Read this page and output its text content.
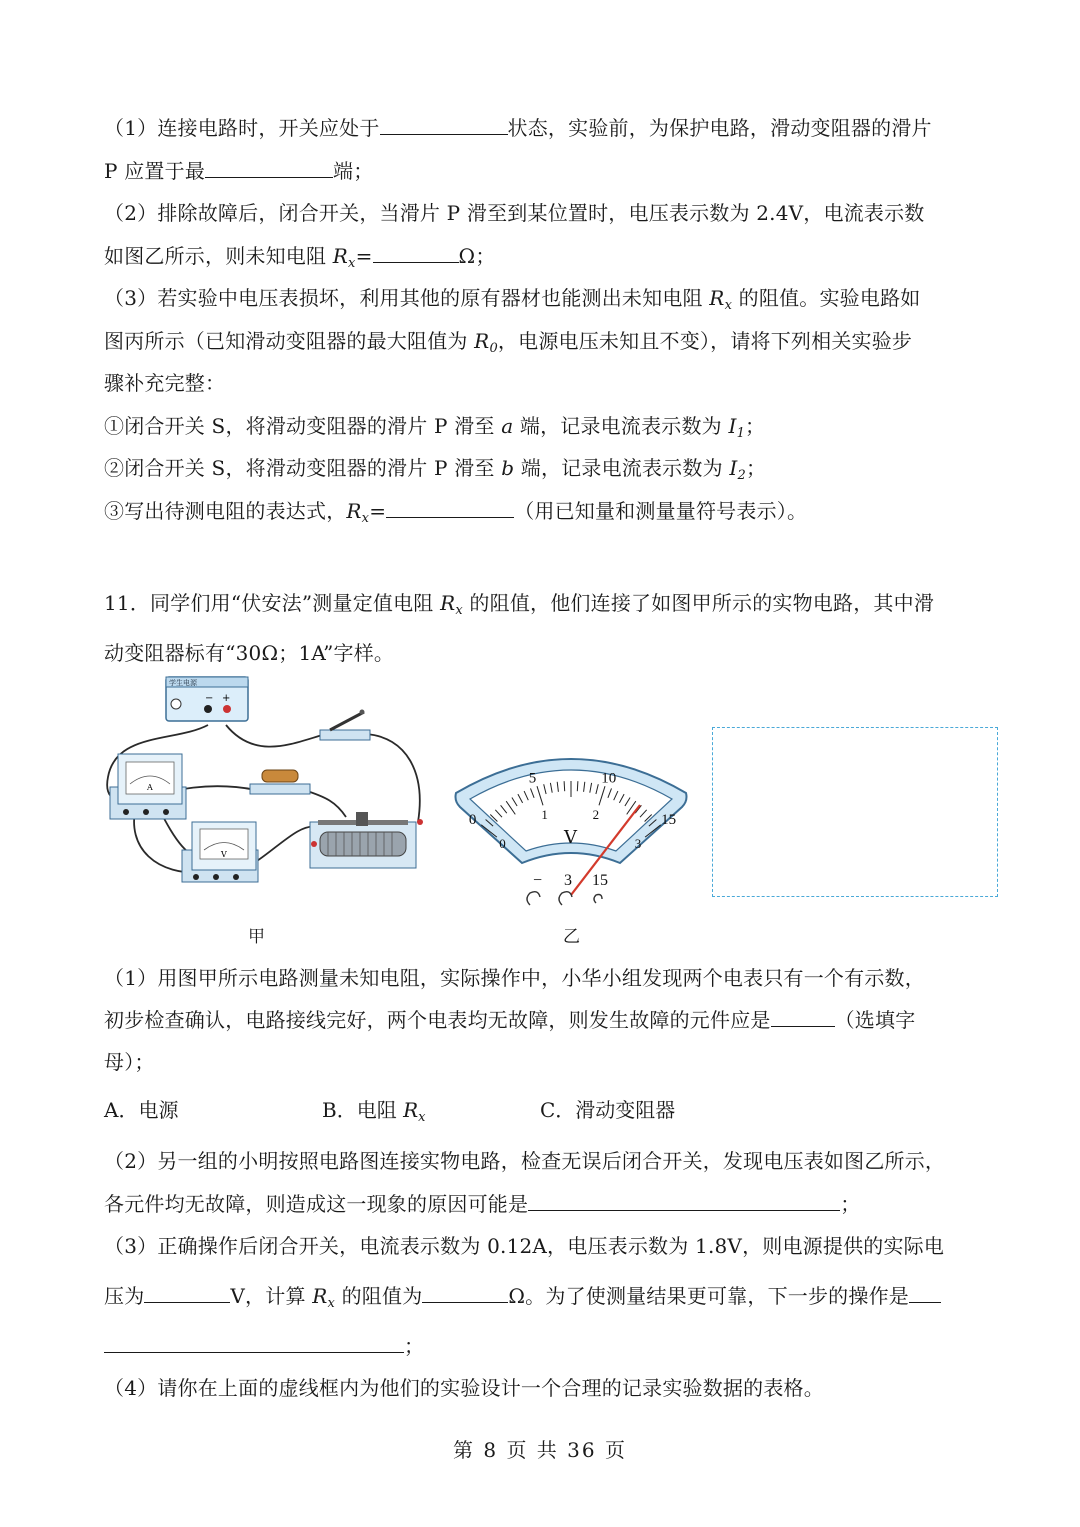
（1）连接电路时，开关应处于	状态，实验前，为保护电路，滑动变阻器的滑片
P 应置于最	端；
（2）排除故障后，闭合开关，当滑片 P 滑至到某位置时，电压表示数为 2.4V，电流表示数
如图乙所示，则未知电阻 $R_x=$	Ω；
（3）若实验中电压表损坏，利用其他的原有器材也能测出未知电阻 $R_x$ 的阻值。实验电路如
图丙所示（已知滑动变阻器的最大阻值为 $R_0$，电源电压未知且不变），请将下列相关实验步
骤补充完整：
①闭合开关 S，将滑动变阻器的滑片 P 滑至 a 端，记录电流表示数为 $I_1$；
②闭合开关 S，将滑动变阻器的滑片 P 滑至 b 端，记录电流表示数为 $I_2$；
③写出待测电阻的表达式，$R_x=$	（用已知量和测量量符号表示）。
11．同学们用“伏安法”测量定值电阻 $R_x$ 的阻值，他们连接了如图甲所示的实物电路，其中滑
动变阻器标有“30Ω；1A”字样。
学生电源
− +
A
V
甲
0
5	10
15
0
1	2
3
V
− 3 15
乙
（1）用图甲所示电路测量未知电阻，实际操作中，小华小组发现两个电表只有一个有示数，
初步检查确认，电路接线完好，两个电表均无故障，则发生故障的元件应是	（选填字
母）；
A．电源	B．电阻 $R_x$	C．滑动变阻器
（2）另一组的小明按照电路图连接实物电路，检查无误后闭合开关，发现电压表如图乙所示，
各元件均无故障，则造成这一现象的原因可能是	；
（3）正确操作后闭合开关，电流表示数为 0.12A，电压表示数为 1.8V，则电源提供的实际电
压为	V，计算 $R_x$ 的阻值为	Ω。为了使测量结果更可靠，下一步的操作是
；
（4）请你在上面的虚线框内为他们的实验设计一个合理的记录实验数据的表格。
第 8 页 共 36 页
